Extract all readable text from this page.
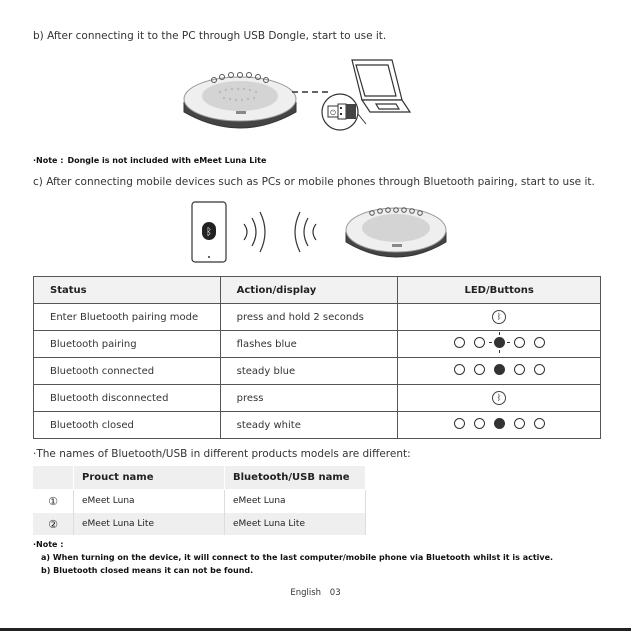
b) After connecting it to the PC through USB Dongle, start to use it.
⏻
·Note : Dongle is not included with eMeet Luna Lite
c) After connecting mobile devices such as PCs or mobile phones through Bluetooth pairing, start to use it.
ᛒ
Status	Action/display	LED/Buttons
Enter Bluetooth pairing mode	press and hold 2 seconds	ᛒ
Bluetooth pairing	flashes blue	

Bluetooth connected	steady blue	

Bluetooth disconnected	press	ᛒ
Bluetooth closed	steady white	
·The names of Bluetooth/USB in different products models are different:
	Prouct name	Bluetooth/USB name
①	eMeet Luna	eMeet Luna
②	eMeet Luna Lite	eMeet Luna Lite
·Note :
a) When turning on the device, it will connect to the last computer/mobile phone via Bluetooth whilst it is active.
b) Bluetooth closed means it can not be found.
English 03
